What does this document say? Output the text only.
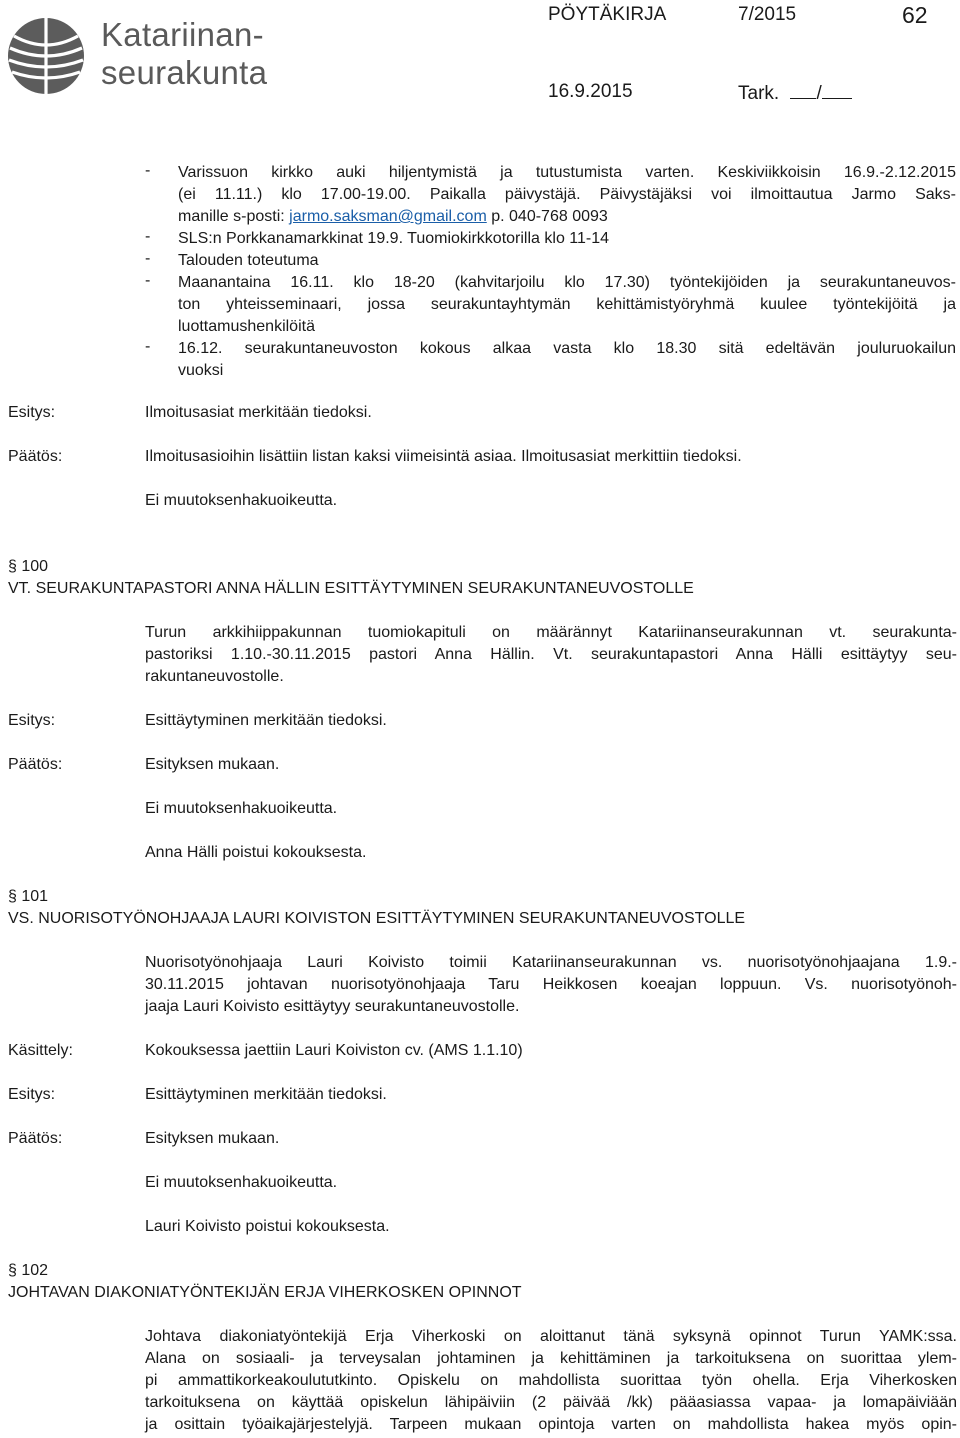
Katariinan-
seurakunta
PÖYTÄKIRJA	7/2015	62
16.9.2015	Tark. /
- Varissuon kirkko auki hiljentymistä ja tutustumista varten. Keskiviikkoisin 16.9.-2.12.2015
(ei 11.11.) klo 17.00-19.00. Paikalla päivystäjä. Päivystäjäksi voi ilmoittautua Jarmo Saks-
manille s-posti: jarmo.saksman@gmail.com p. 040-768 0093
- SLS:n Porkkanamarkkinat 19.9. Tuomiokirkkotorilla klo 11-14
- Talouden toteutuma
- Maanantaina 16.11. klo 18-20 (kahvitarjoilu klo 17.30) työntekijöiden ja seurakuntaneuvos-
ton yhteisseminaari, jossa seurakuntayhtymän kehittämistyöryhmä kuulee työntekijöitä ja
luottamushenkilöitä
- 16.12. seurakuntaneuvoston kokous alkaa vasta klo 18.30 sitä edeltävän jouluruokailun
vuoksi
Esitys:	Ilmoitusasiat merkitään tiedoksi.
Päätös:	Ilmoitusasioihin lisättiin listan kaksi viimeisintä asiaa. Ilmoitusasiat merkittiin tiedoksi.
Ei muutoksenhakuoikeutta.
§ 100
VT. SEURAKUNTAPASTORI ANNA HÄLLIN ESITTÄYTYMINEN SEURAKUNTANEUVOSTOLLE
Turun arkkihiippakunnan tuomiokapituli on määrännyt Katariinanseurakunnan vt. seurakunta-
pastoriksi 1.10.-30.11.2015 pastori Anna Hällin. Vt. seurakuntapastori Anna Hälli esittäytyy seu-
rakuntaneuvostolle.
Esitys:	Esittäytyminen merkitään tiedoksi.
Päätös:	Esityksen mukaan.
Ei muutoksenhakuoikeutta.
Anna Hälli poistui kokouksesta.
§ 101
VS. NUORISOTYÖNOHJAAJA LAURI KOIVISTON ESITTÄYTYMINEN SEURAKUNTANEUVOSTOLLE
Nuorisotyönohjaaja Lauri Koivisto toimii Katariinanseurakunnan vs. nuorisotyönohjaajana 1.9.-
30.11.2015 johtavan nuorisotyönohjaaja Taru Heikkosen koeajan loppuun. Vs. nuorisotyönoh-
jaaja Lauri Koivisto esittäytyy seurakuntaneuvostolle.
Käsittely:	Kokouksessa jaettiin Lauri Koiviston cv. (AMS 1.1.10)
Esitys:	Esittäytyminen merkitään tiedoksi.
Päätös:	Esityksen mukaan.
Ei muutoksenhakuoikeutta.
Lauri Koivisto poistui kokouksesta.
§ 102
JOHTAVAN DIAKONIATYÖNTEKIJÄN ERJA VIHERKOSKEN OPINNOT
Johtava diakoniatyöntekijä Erja Viherkoski on aloittanut tänä syksynä opinnot Turun YAMK:ssa.
Alana on sosiaali- ja terveysalan johtaminen ja kehittäminen ja tarkoituksena on suorittaa ylem-
pi ammattikorkeakoulututkinto. Opiskelu on mahdollista suorittaa työn ohella. Erja Viherkosken
tarkoituksena on käyttää opiskelun lähipäiviin (2 päivää /kk) pääasiassa vapaa- ja lomapäiviään
ja osittain työaikajärjestelyjä. Tarpeen mukaan opintoja varten on mahdollista hakea myös opin-
